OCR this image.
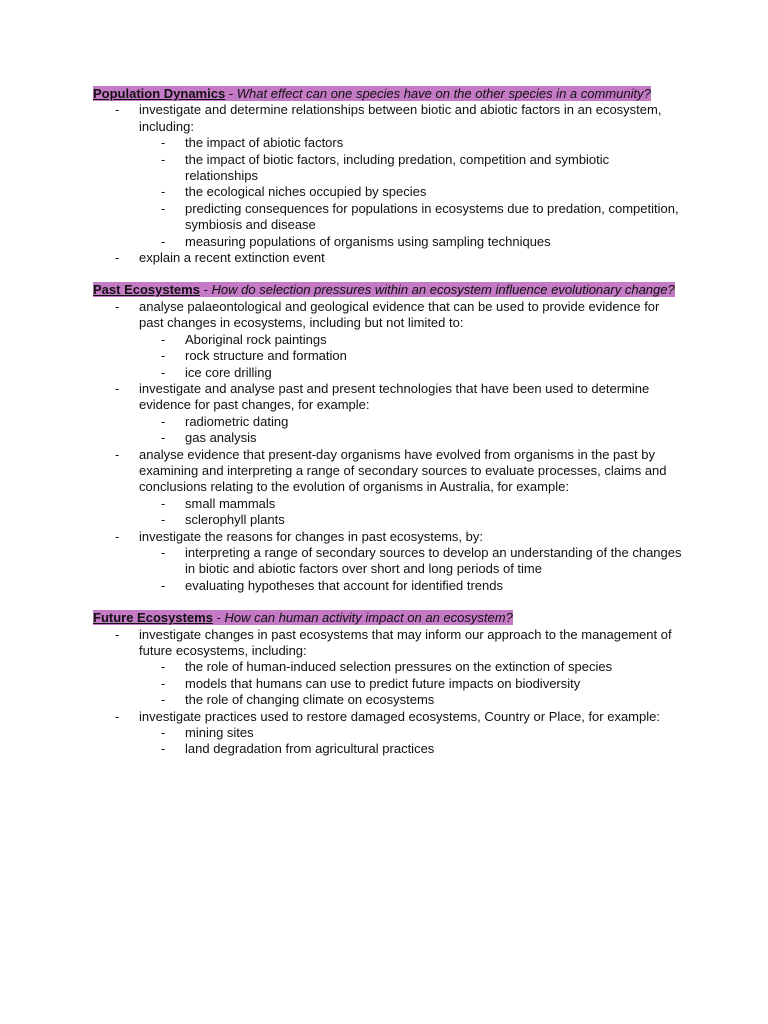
Population Dynamics - What effect can one species have on the other species in a community?

- investigate and determine relationships between biotic and abiotic factors in an ecosystem, including:
- the impact of abiotic factors
- the impact of biotic factors, including predation, competition and symbiotic relationships
- the ecological niches occupied by species
- predicting consequences for populations in ecosystems due to predation, competition, symbiosis and disease
- measuring populations of organisms using sampling techniques
- explain a recent extinction event

Past Ecosystems - How do selection pressures within an ecosystem influence evolutionary change?

- analyse palaeontological and geological evidence that can be used to provide evidence for past changes in ecosystems, including but not limited to:
- Aboriginal rock paintings
- rock structure and formation
- ice core drilling
- investigate and analyse past and present technologies that have been used to determine evidence for past changes, for example:
- radiometric dating
- gas analysis
- analyse evidence that present-day organisms have evolved from organisms in the past by examining and interpreting a range of secondary sources to evaluate processes, claims and conclusions relating to the evolution of organisms in Australia, for example:
- small mammals
- sclerophyll plants
- investigate the reasons for changes in past ecosystems, by:
- interpreting a range of secondary sources to develop an understanding of the changes in biotic and abiotic factors over short and long periods of time
- evaluating hypotheses that account for identified trends

Future Ecosystems - How can human activity impact on an ecosystem?

- investigate changes in past ecosystems that may inform our approach to the management of future ecosystems, including:
- the role of human-induced selection pressures on the extinction of species
- models that humans can use to predict future impacts on biodiversity
- the role of changing climate on ecosystems
- investigate practices used to restore damaged ecosystems, Country or Place, for example:
- mining sites
- land degradation from agricultural practices
